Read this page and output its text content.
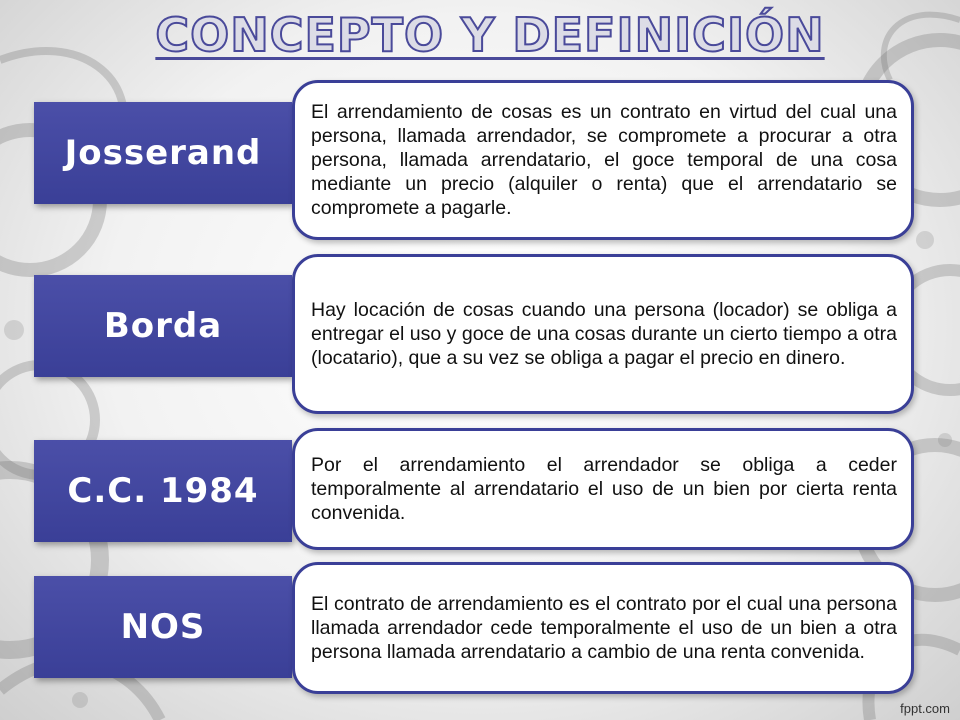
CONCEPTO Y DEFINICIÓN
Josserand

El arrendamiento de cosas es un contrato en virtud del cual una persona, llamada arrendador, se compromete a procurar a otra persona, llamada arrendatario, el goce temporal de una cosa mediante un precio (alquiler o renta) que el arrendatario se compromete a pagarle.

Borda	Hay locación de cosas cuando una persona (locador) se obliga a entregar el uso y goce de una cosas durante un cierto tiempo a otra (locatario), que a su vez se obliga a pagar el precio en dinero.

C.C. 1984

Por el arrendamiento el arrendador se obliga a ceder temporalmente al arrendatario el uso de un bien por cierta renta convenida.

NOS

El contrato de arrendamiento es el contrato por el cual una persona llamada arrendador cede temporalmente el uso de un bien a otra persona llamada arrendatario a cambio de una renta convenida.

fppt.com
